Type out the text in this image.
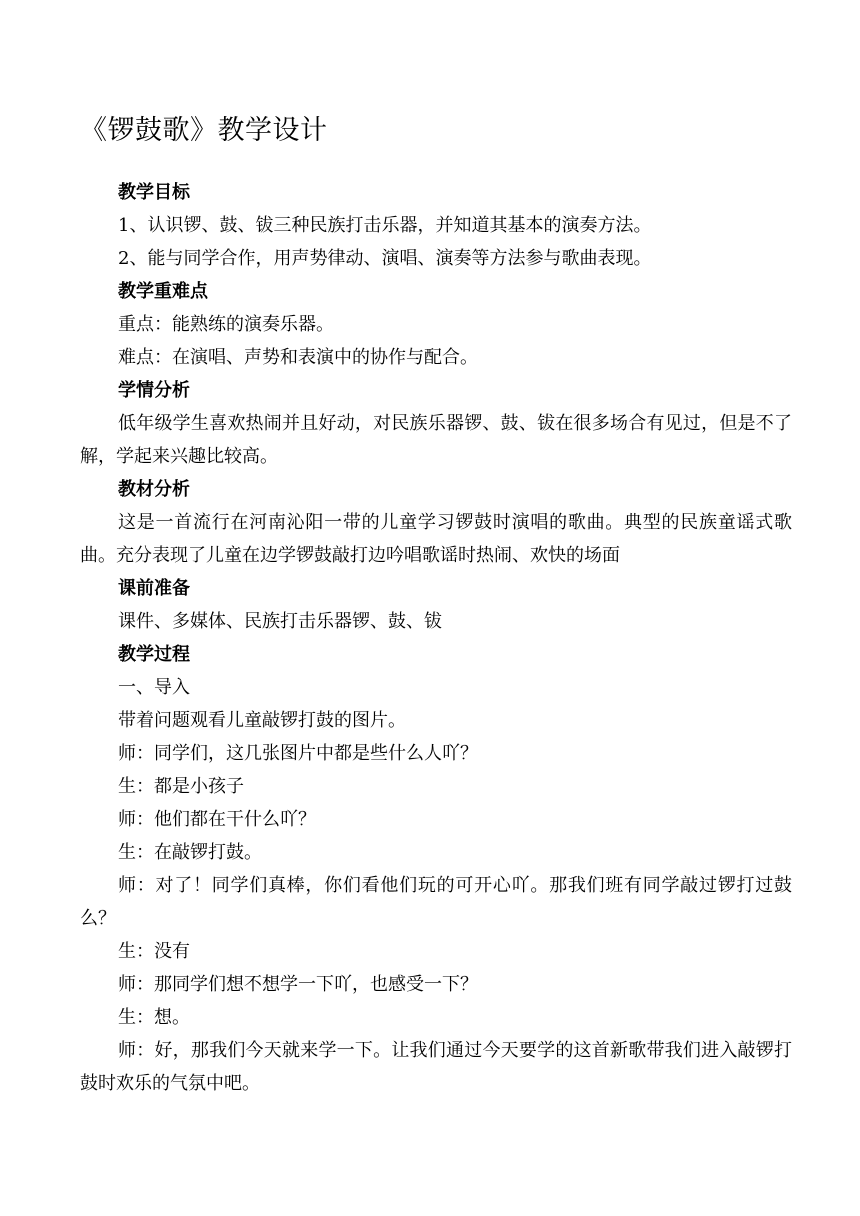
《锣鼓歌》教学设计

教学目标

1、认识锣、鼓、钹三种民族打击乐器，并知道其基本的演奏方法。

2、能与同学合作，用声势律动、演唱、演奏等方法参与歌曲表现。

教学重难点

重点：能熟练的演奏乐器。

难点：在演唱、声势和表演中的协作与配合。

学情分析

低年级学生喜欢热闹并且好动，对民族乐器锣、鼓、钹在很多场合有见过，但是不了解，学起来兴趣比较高。

教材分析

这是一首流行在河南沁阳一带的儿童学习锣鼓时演唱的歌曲。典型的民族童谣式歌曲。充分表现了儿童在边学锣鼓敲打边吟唱歌谣时热闹、欢快的场面

课前准备

课件、多媒体、民族打击乐器锣、鼓、钹

教学过程

一、导入

带着问题观看儿童敲锣打鼓的图片。

师：同学们，这几张图片中都是些什么人吖？

生：都是小孩子

师：他们都在干什么吖？

生：在敲锣打鼓。

师：对了！同学们真棒，你们看他们玩的可开心吖。那我们班有同学敲过锣打过鼓么？

生：没有

师：那同学们想不想学一下吖，也感受一下？

生：想。

师：好，那我们今天就来学一下。让我们通过今天要学的这首新歌带我们进入敲锣打鼓时欢乐的气氛中吧。
